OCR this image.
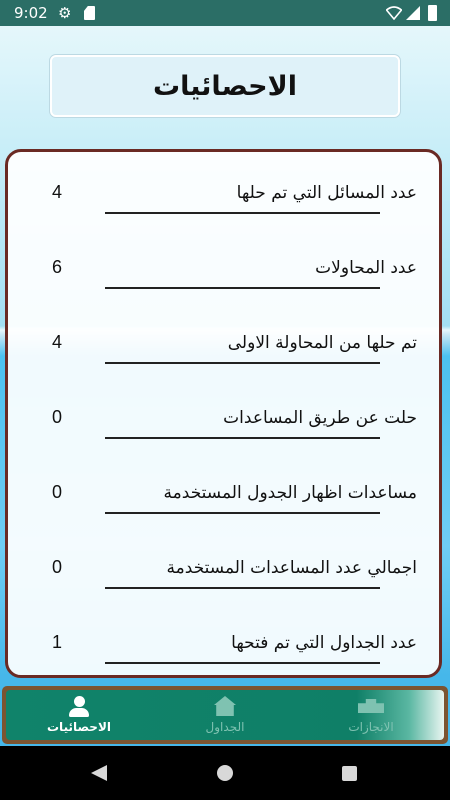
9:02 ⚙
الاحصائيات
عدد المسائل التي تم حلها
4
عدد المحاولات
6
تم حلها من المحاولة الاولى
4
حلت عن طريق المساعدات
0
مساعدات اظهار الجدول المستخدمة
0
اجمالي عدد المساعدات المستخدمة
0
عدد الجداول التي تم فتحها
1
الاحصائيات	الجداول	الانجازات
